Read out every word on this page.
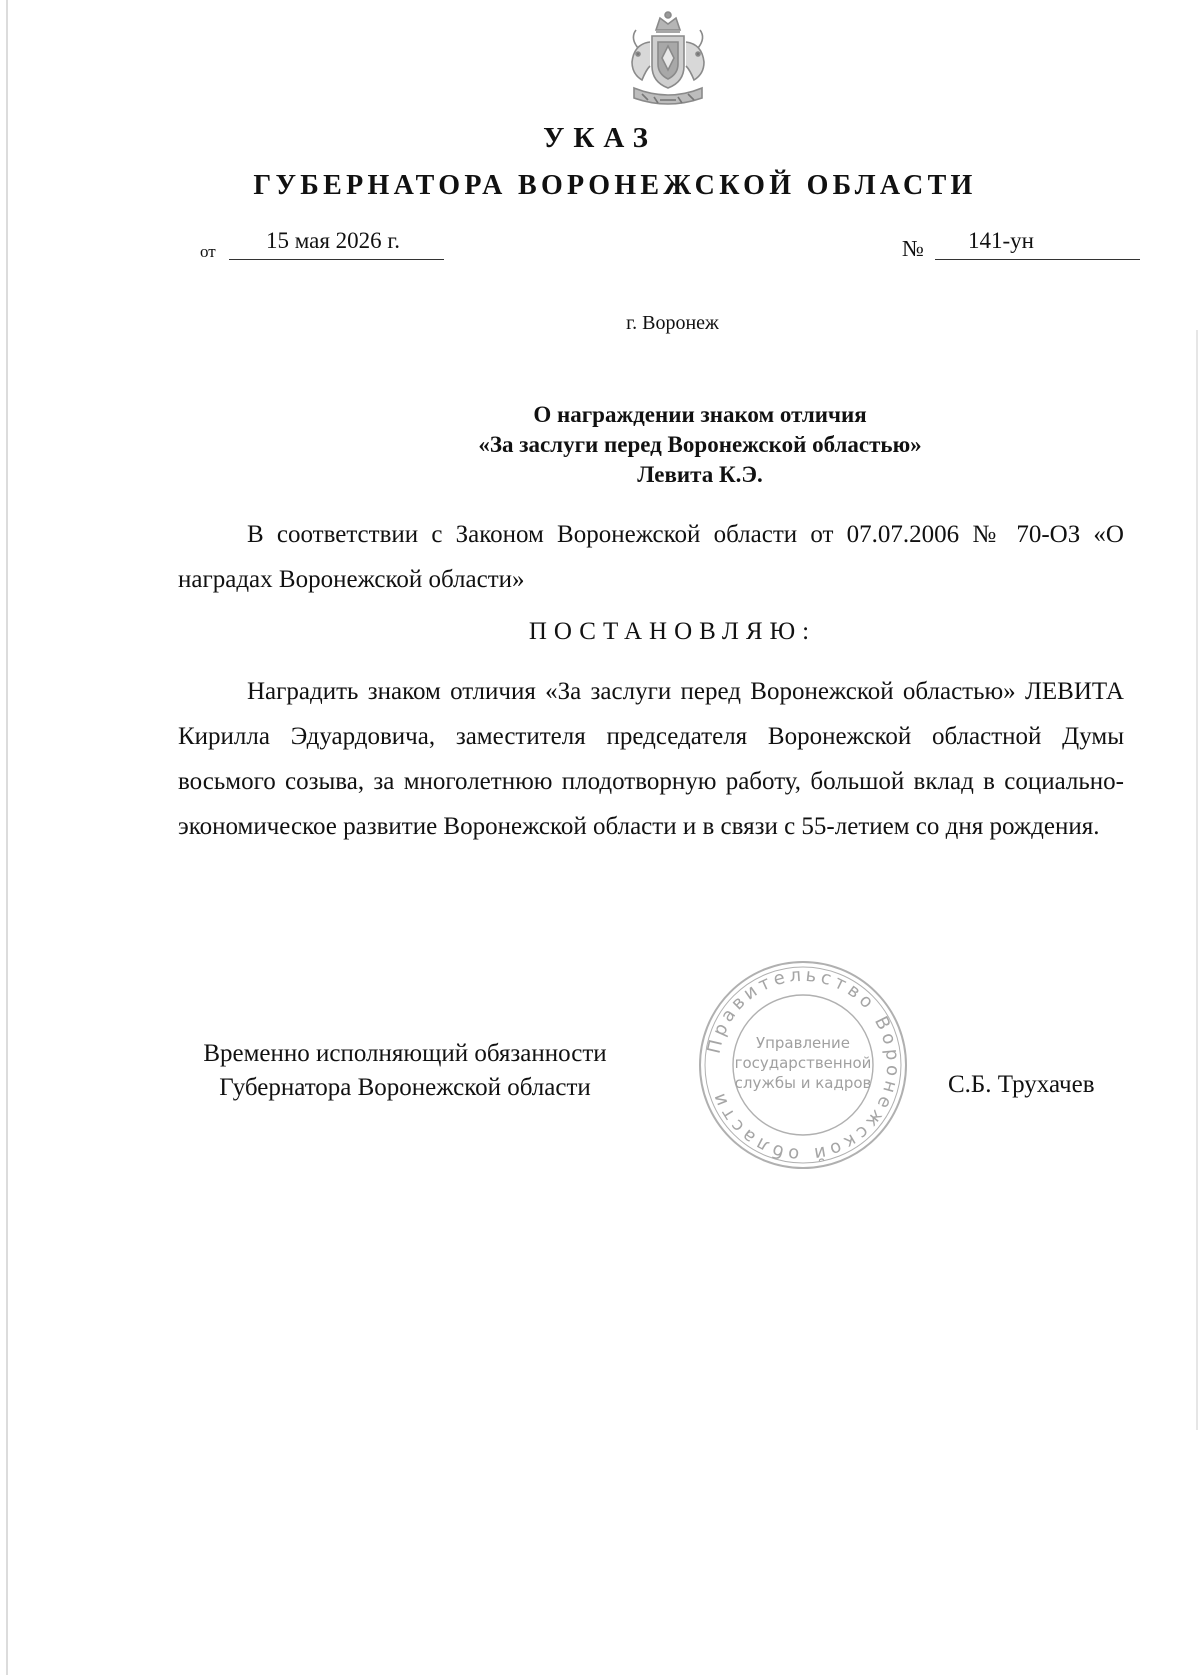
УКАЗ
ГУБЕРНАТОРА ВОРОНЕЖСКОЙ ОБЛАСТИ
от 15 мая 2026 г.	№ 141-ун
г. Воронеж
О награждении знаком отличия
«За заслуги перед Воронежской областью»
Левита К.Э.
В соответствии с Законом Воронежской области от 07.07.2006 № 70-ОЗ «О наградах Воронежской области»
ПОСТАНОВЛЯЮ:
Наградить знаком отличия «За заслуги перед Воронежской областью» ЛЕВИТА Кирилла Эдуардовича, заместителя председателя Воронежской областной Думы восьмого созыва, за многолетнюю плодотворную работу, большой вклад в социально-экономическое развитие Воронежской области и в связи с 55-летием со дня рождения.
Временно исполняющий обязанности
Губернатора Воронежской области
Правительство Воронежской области
Управление
государственной
службы и кадров	С.Б. Трухачев
